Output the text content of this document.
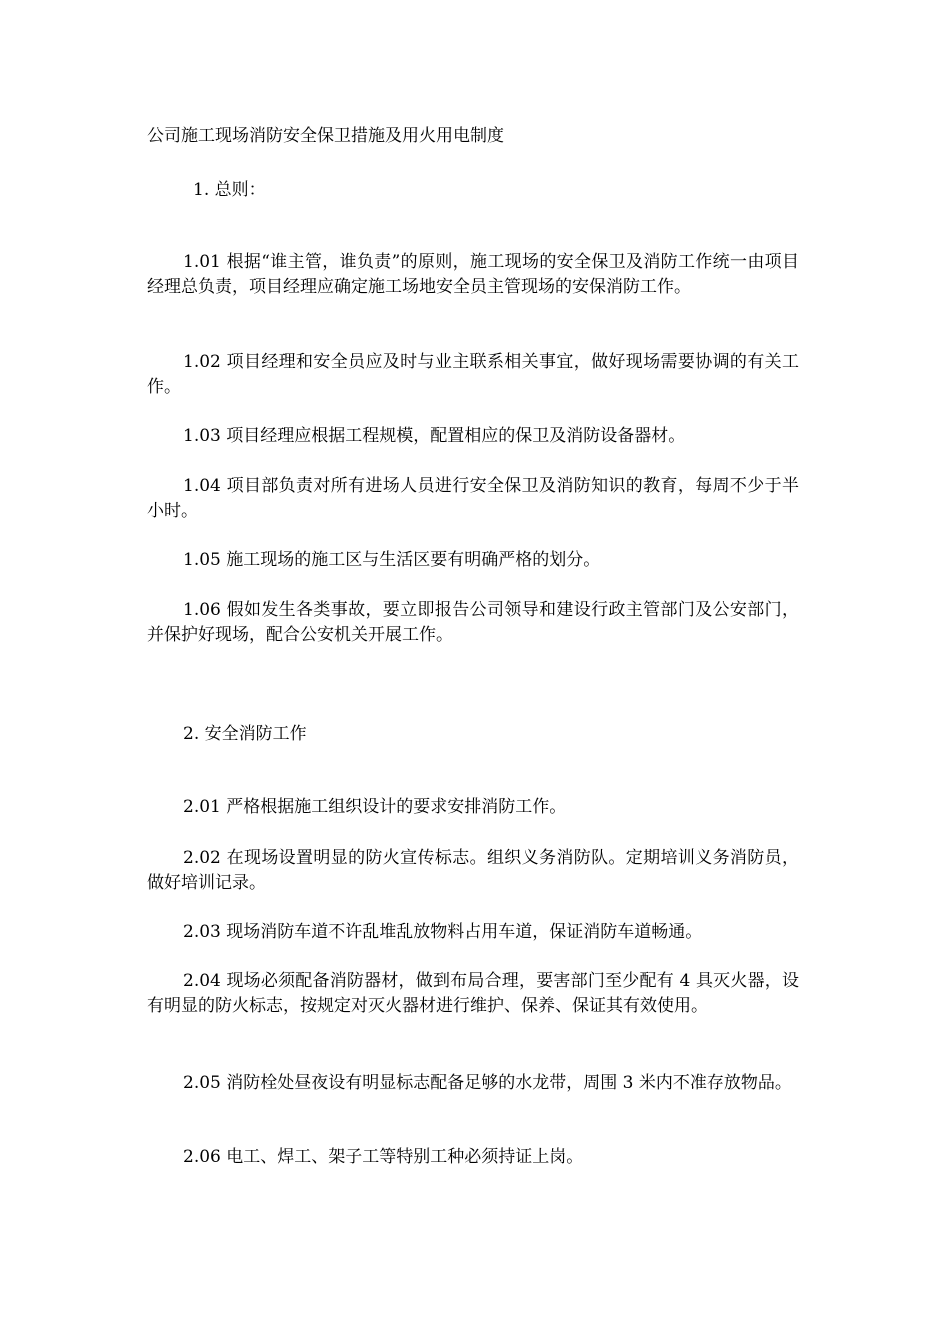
公司施工现场消防安全保卫措施及用火用电制度
1. 总则：

1.01 根据“谁主管，谁负责”的原则，施工现场的安全保卫及消防工作统一由项目经理总负责，项目经理应确定施工场地安全员主管现场的安保消防工作。

1.02 项目经理和安全员应及时与业主联系相关事宜，做好现场需要协调的有关工作。

1.03 项目经理应根据工程规模，配置相应的保卫及消防设备器材。

1.04 项目部负责对所有进场人员进行安全保卫及消防知识的教育，每周不少于半小时。

1.05 施工现场的施工区与生活区要有明确严格的划分。

1.06 假如发生各类事故，要立即报告公司领导和建设行政主管部门及公安部门，并保护好现场，配合公安机关开展工作。

2. 安全消防工作

2.01 严格根据施工组织设计的要求安排消防工作。

2.02 在现场设置明显的防火宣传标志。组织义务消防队。定期培训义务消防员，做好培训记录。

2.03 现场消防车道不许乱堆乱放物料占用车道，保证消防车道畅通。

2.04 现场必须配备消防器材，做到布局合理，要害部门至少配有 4 具灭火器，设有明显的防火标志，按规定对灭火器材进行维护、保养、保证其有效使用。

2.05 消防栓处昼夜设有明显标志配备足够的水龙带，周围 3 米内不准存放物品。

2.06 电工、焊工、架子工等特别工种必须持证上岗。
